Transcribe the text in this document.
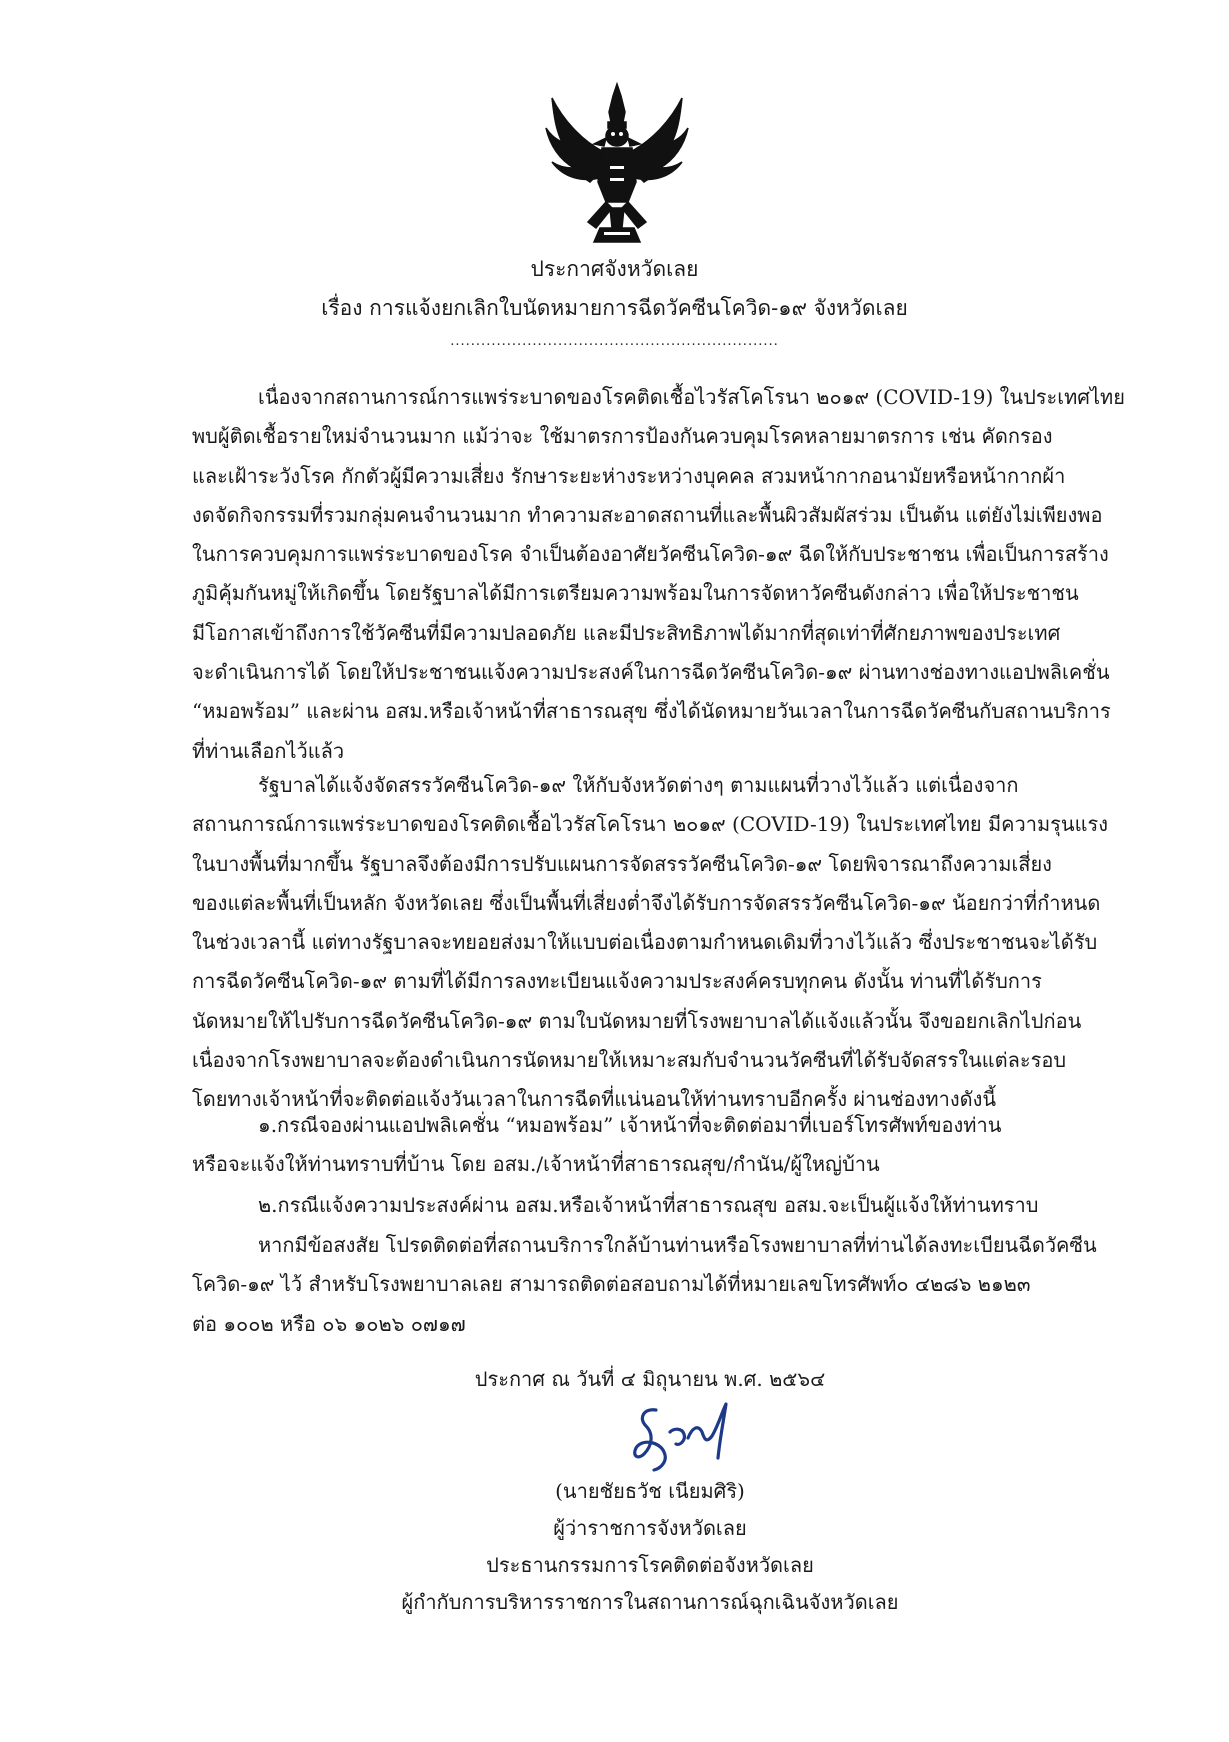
ประกาศจังหวัดเลย
เรื่อง การแจ้งยกเลิกใบนัดหมายการฉีดวัคซีนโควิด-๑๙ จังหวัดเลย
................................................................
เนื่องจากสถานการณ์การแพร่ระบาดของโรคติดเชื้อไวรัสโคโรนา ๒๐๑๙ (COVID-19) ในประเทศไทย
พบผู้ติดเชื้อรายใหม่จำนวนมาก แม้ว่าจะ ใช้มาตรการป้องกันควบคุมโรคหลายมาตรการ เช่น คัดกรอง
และเฝ้าระวังโรค กักตัวผู้มีความเสี่ยง รักษาระยะห่างระหว่างบุคคล สวมหน้ากากอนามัยหรือหน้ากากผ้า
งดจัดกิจกรรมที่รวมกลุ่มคนจำนวนมาก ทำความสะอาดสถานที่และพื้นผิวสัมผัสร่วม เป็นต้น แต่ยังไม่เพียงพอ
ในการควบคุมการแพร่ระบาดของโรค จำเป็นต้องอาศัยวัคซีนโควิด-๑๙ ฉีดให้กับประชาชน เพื่อเป็นการสร้าง
ภูมิคุ้มกันหมู่ให้เกิดขึ้น โดยรัฐบาลได้มีการเตรียมความพร้อมในการจัดหาวัคซีนดังกล่าว เพื่อให้ประชาชน
มีโอกาสเข้าถึงการใช้วัคซีนที่มีความปลอดภัย และมีประสิทธิภาพได้มากที่สุดเท่าที่ศักยภาพของประเทศ
จะดำเนินการได้ โดยให้ประชาชนแจ้งความประสงค์ในการฉีดวัคซีนโควิด-๑๙ ผ่านทางช่องทางแอปพลิเคชั่น
“หมอพร้อม” และผ่าน อสม.หรือเจ้าหน้าที่สาธารณสุข ซึ่งได้นัดหมายวันเวลาในการฉีดวัคซีนกับสถานบริการ
ที่ท่านเลือกไว้แล้ว
รัฐบาลได้แจ้งจัดสรรวัคซีนโควิด-๑๙ ให้กับจังหวัดต่างๆ ตามแผนที่วางไว้แล้ว แต่เนื่องจาก
สถานการณ์การแพร่ระบาดของโรคติดเชื้อไวรัสโคโรนา ๒๐๑๙ (COVID-19) ในประเทศไทย มีความรุนแรง
ในบางพื้นที่มากขึ้น รัฐบาลจึงต้องมีการปรับแผนการจัดสรรวัคซีนโควิด-๑๙ โดยพิจารณาถึงความเสี่ยง
ของแต่ละพื้นที่เป็นหลัก จังหวัดเลย ซึ่งเป็นพื้นที่เสี่ยงต่ำจึงได้รับการจัดสรรวัคซีนโควิด-๑๙ น้อยกว่าที่กำหนด
ในช่วงเวลานี้ แต่ทางรัฐบาลจะทยอยส่งมาให้แบบต่อเนื่องตามกำหนดเดิมที่วางไว้แล้ว ซึ่งประชาชนจะได้รับ
การฉีดวัคซีนโควิด-๑๙ ตามที่ได้มีการลงทะเบียนแจ้งความประสงค์ครบทุกคน ดังนั้น ท่านที่ได้รับการ
นัดหมายให้ไปรับการฉีดวัคซีนโควิด-๑๙ ตามใบนัดหมายที่โรงพยาบาลได้แจ้งแล้วนั้น จึงขอยกเลิกไปก่อน
เนื่องจากโรงพยาบาลจะต้องดำเนินการนัดหมายให้เหมาะสมกับจำนวนวัคซีนที่ได้รับจัดสรรในแต่ละรอบ
โดยทางเจ้าหน้าที่จะติดต่อแจ้งวันเวลาในการฉีดที่แน่นอนให้ท่านทราบอีกครั้ง ผ่านช่องทางดังนี้
๑.กรณีจองผ่านแอปพลิเคชั่น “หมอพร้อม” เจ้าหน้าที่จะติดต่อมาที่เบอร์โทรศัพท์ของท่าน
หรือจะแจ้งให้ท่านทราบที่บ้าน โดย อสม./เจ้าหน้าที่สาธารณสุข/กำนัน/ผู้ใหญ่บ้าน
๒.กรณีแจ้งความประสงค์ผ่าน อสม.หรือเจ้าหน้าที่สาธารณสุข อสม.จะเป็นผู้แจ้งให้ท่านทราบ
หากมีข้อสงสัย โปรดติดต่อที่สถานบริการใกล้บ้านท่านหรือโรงพยาบาลที่ท่านได้ลงทะเบียนฉีดวัคซีน
โควิด-๑๙ ไว้ สำหรับโรงพยาบาลเลย สามารถติดต่อสอบถามได้ที่หมายเลขโทรศัพท์๐ ๔๒๘๖ ๒๑๒๓
ต่อ ๑๐๐๒ หรือ ๐๖ ๑๐๒๖ ๐๗๑๗
ประกาศ ณ วันที่ ๔ มิถุนายน พ.ศ. ๒๕๖๔
(นายชัยธวัช เนียมศิริ)
ผู้ว่าราชการจังหวัดเลย
ประธานกรรมการโรคติดต่อจังหวัดเลย
ผู้กำกับการบริหารราชการในสถานการณ์ฉุกเฉินจังหวัดเลย
